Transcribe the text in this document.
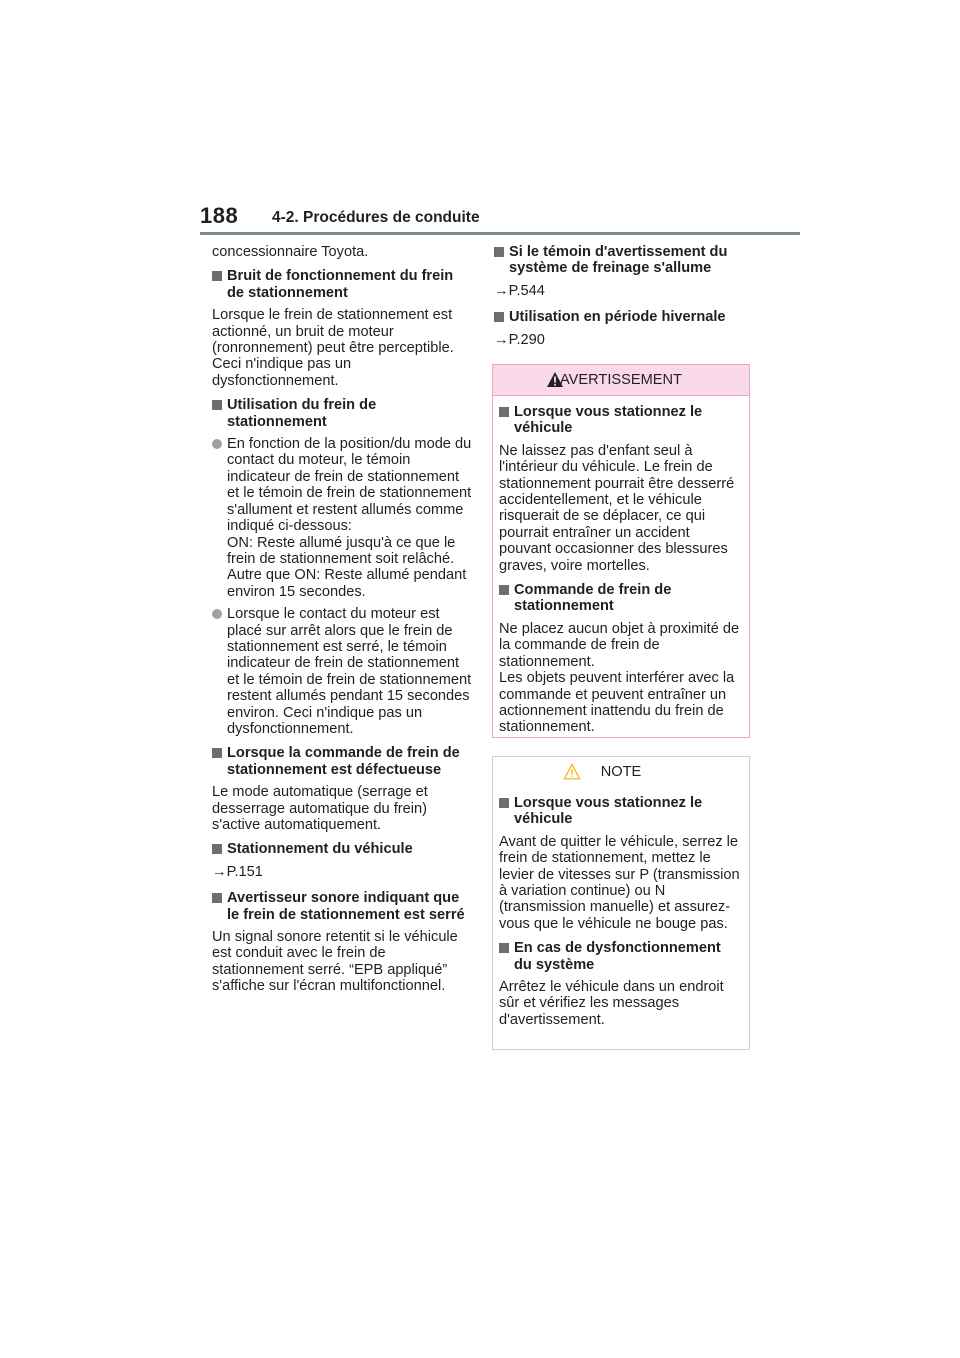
188 4-2. Procédures de conduite

concessionnaire Toyota.

Bruit de fonctionnement du frein de stationnement

Lorsque le frein de stationnement est actionné, un bruit de moteur (ronronnement) peut être perceptible. Ceci n'indique pas un dysfonctionnement.

Utilisation du frein de stationnement

En fonction de la position/du mode du contact du moteur, le témoin indicateur de frein de stationnement et le témoin de frein de stationnement s'allument et restent allumés comme indiqué ci-dessous:

ON: Reste allumé jusqu'à ce que le frein de stationnement soit relâché.

Autre que ON: Reste allumé pendant environ 15 secondes.

Lorsque le contact du moteur est placé sur arrêt alors que le frein de stationnement est serré, le témoin indicateur de frein de stationnement et le témoin de frein de stationnement restent allumés pendant 15 secondes environ. Ceci n'indique pas un dysfonctionnement.

Lorsque la commande de frein de stationnement est défectueuse

Le mode automatique (serrage et desserrage automatique du frein) s'active automatiquement.

Stationnement du véhicule

→P.151

Avertisseur sonore indiquant que le frein de stationnement est serré

Un signal sonore retentit si le véhicule est conduit avec le frein de stationnement serré. “EPB appliqué” s'affiche sur l'écran multifonctionnel.

Si le témoin d'avertissement du système de freinage s'allume

→P.544

Utilisation en période hivernale

→P.290

AVERTISSEMENT
Lorsque vous stationnez le véhicule

Ne laissez pas d'enfant seul à l'intérieur du véhicule. Le frein de stationnement pourrait être desserré accidentellement, et le véhicule risquerait de se déplacer, ce qui pourrait entraîner un accident pouvant occasionner des blessures graves, voire mortelles.

Commande de frein de stationnement

Ne placez aucun objet à proximité de la commande de frein de stationnement.

Les objets peuvent interférer avec la commande et peuvent entraîner un actionnement inattendu du frein de stationnement.

NOTE
Lorsque vous stationnez le véhicule

Avant de quitter le véhicule, serrez le frein de stationnement, mettez le levier de vitesses sur P (transmission à variation continue) ou N (transmission manuelle) et assurez-vous que le véhicule ne bouge pas.

En cas de dysfonctionnement du système

Arrêtez le véhicule dans un endroit sûr et vérifiez les messages d'avertissement.
